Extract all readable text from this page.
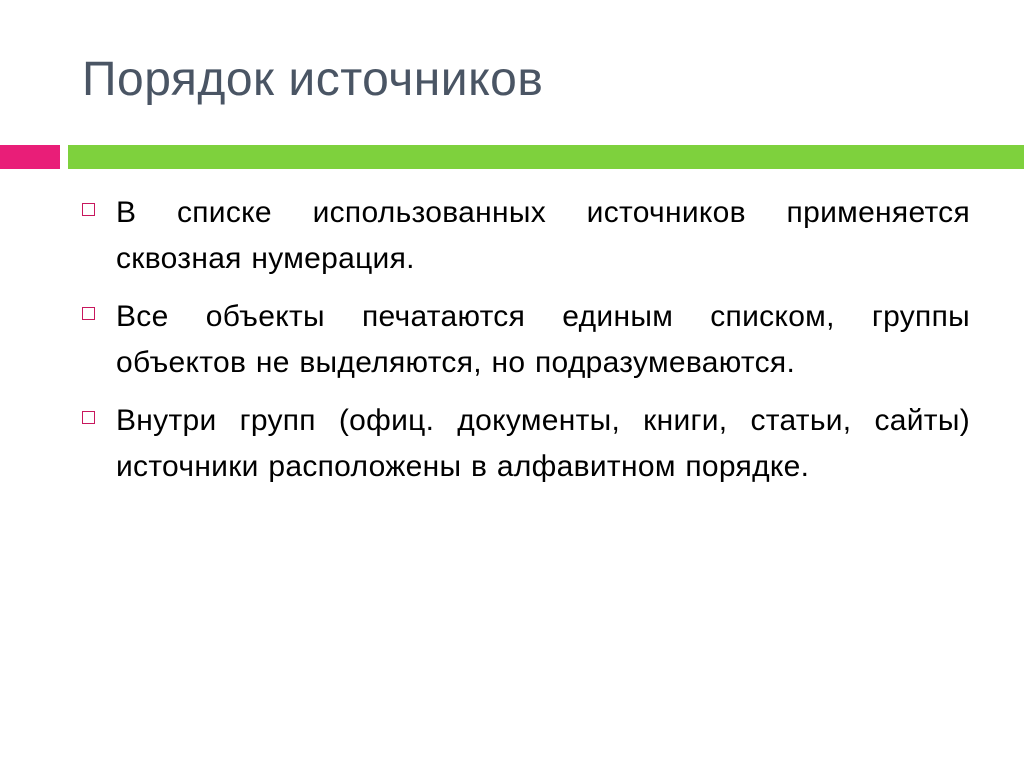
Порядок источников
В списке использованных источников применяется сквозная нумерация.
Все объекты печатаются единым списком, группы объектов не выделяются, но подразумеваются.
Внутри групп (офиц. документы, книги, статьи, сайты) источники расположены в алфавитном порядке.
